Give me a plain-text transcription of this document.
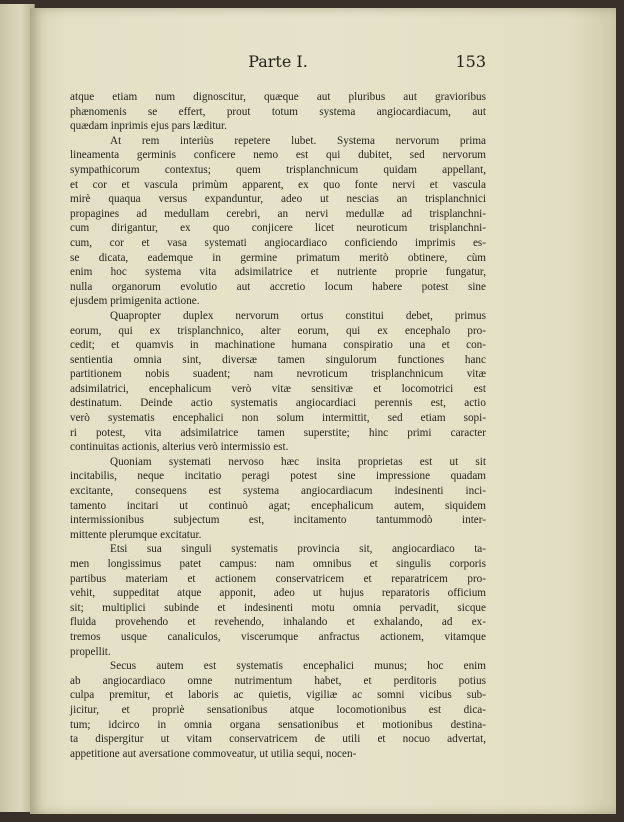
Parte I.	153
atque etiam num dignoscitur, quæque aut pluribus aut gravioribus
phænomenis se effert, prout totum systema angiocardiacum, aut
quædam inprimis ejus pars læditur.
At rem interiùs repetere lubet. Systema nervorum prima
lineamenta germinis conficere nemo est qui dubitet, sed nervorum
sympathicorum contextus; quem trisplanchnicum quidam appellant,
et cor et vascula primùm apparent, ex quo fonte nervi et vascula
mirè quaqua versus expanduntur, adeo ut nescias an trisplanchnici
propagines ad medullam cerebri, an nervi medullæ ad trisplanchni-
cum dirigantur, ex quo conjicere licet neuroticum trisplanchni-
cum, cor et vasa systemati angiocardiaco conficiendo imprimis es-
se dicata, eademque in germine primatum meritò obtinere, cùm
enim hoc systema vita adsimilatrice et nutriente proprie fungatur,
nulla organorum evolutio aut accretio locum habere potest sine
ejusdem primigenita actione.
Quapropter duplex nervorum ortus constitui debet, primus
eorum, qui ex trisplanchnico, alter eorum, qui ex encephalo pro-
cedit; et quamvis in machinatione humana conspiratio una et con-
sentientia omnia sint, diversæ tamen singulorum functiones hanc
partitionem nobis suadent; nam nevroticum trisplanchnicum vitæ
adsimilatrici, encephalicum verò vitæ sensitivæ et locomotrici est
destinatum. Deinde actio systematis angiocardiaci perennis est, actio
verò systematis encephalici non solum intermittit, sed etiam sopi-
ri potest, vita adsimilatrice tamen superstite; hinc primi caracter
continuitas actionis, alterius verò intermissio est.
Quoniam systemati nervoso hæc insita proprietas est ut sit
incitabilis, neque incitatio peragi potest sine impressione quadam
excitante, consequens est systema angiocardiacum indesinenti inci-
tamento incitari ut continuò agat; encephalicum autem, siquidem
intermissionibus subjectum est, incitamento tantummodò inter-
mittente plerumque excitatur.
Etsi sua singuli systematis provincia sit, angiocardiaco ta-
men longissimus patet campus: nam omnibus et singulis corporis
partibus materiam et actionem conservatricem et reparatricem pro-
vehit, suppeditat atque apponit, adeo ut hujus reparatoris officium
sit; multiplici subinde et indesinenti motu omnia pervadit, sicque
fluida provehendo et revehendo, inhalando et exhalando, ad ex-
tremos usque canaliculos, viscerumque anfractus actionem, vitamque
propellit.
Secus autem est systematis encephalici munus; hoc enim
ab angiocardiaco omne nutrimentum habet, et perditoris potius
culpa premitur, et laboris ac quietis, vigiliæ ac somni vicibus sub-
jicitur, et propriè sensationibus atque locomotionibus est dica-
tum; idcirco in omnia organa sensationibus et motionibus destina-
ta dispergitur ut vitam conservatricem de utili et nocuo advertat,
appetitione aut aversatione commoveatur, ut utilia sequi, nocen-
